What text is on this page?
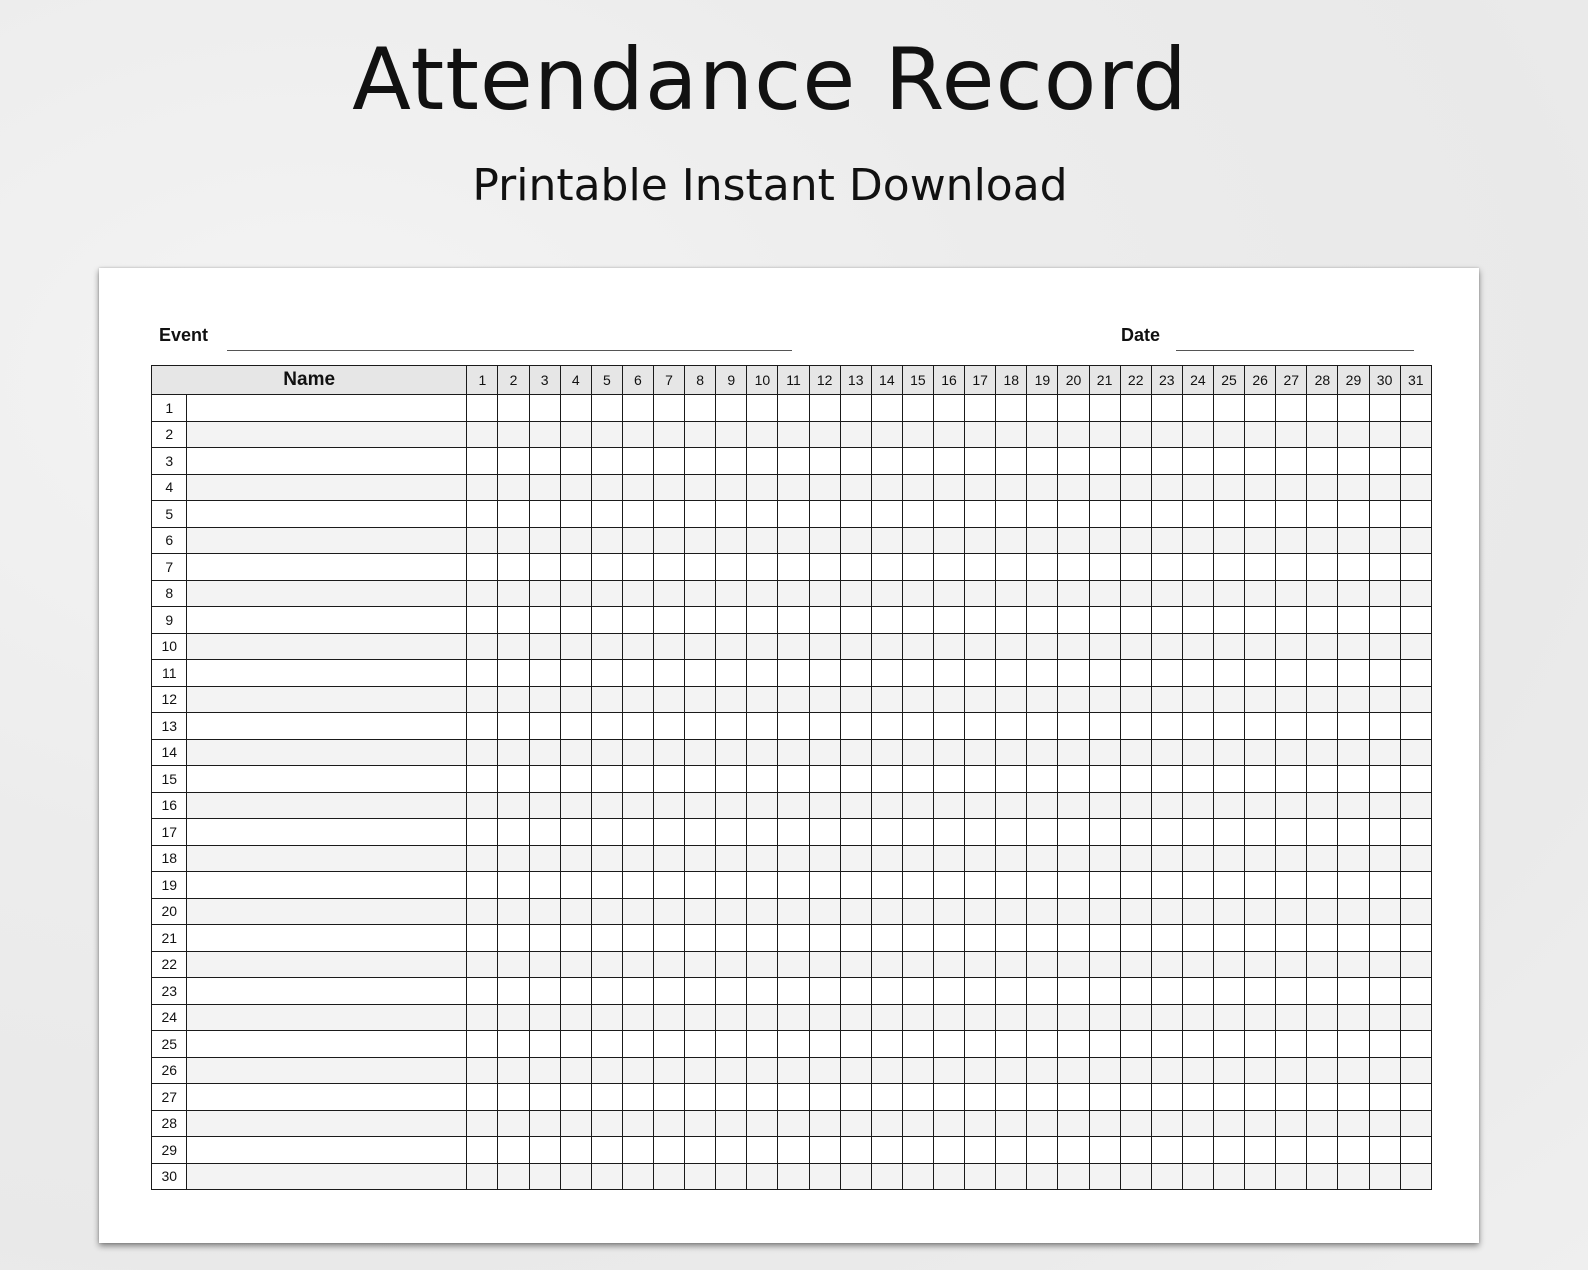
Attendance Record
Printable Instant Download
Event	Date
Name		1	2	3	4	5	6	7	8	9	10	11	12	13	14	15	16	17	18	19	20	21	22	23	24	25	26	27	28	29	30	31
1																																
2																																
3																																
4																																
5																																
6																																
7																																
8																																
9																																
10																																
11																																
12																																
13																																
14																																
15																																
16																																
17																																
18																																
19																																
20																																
21																																
22																																
23																																
24																																
25																																
26																																
27																																
28																																
29																																
30																																
